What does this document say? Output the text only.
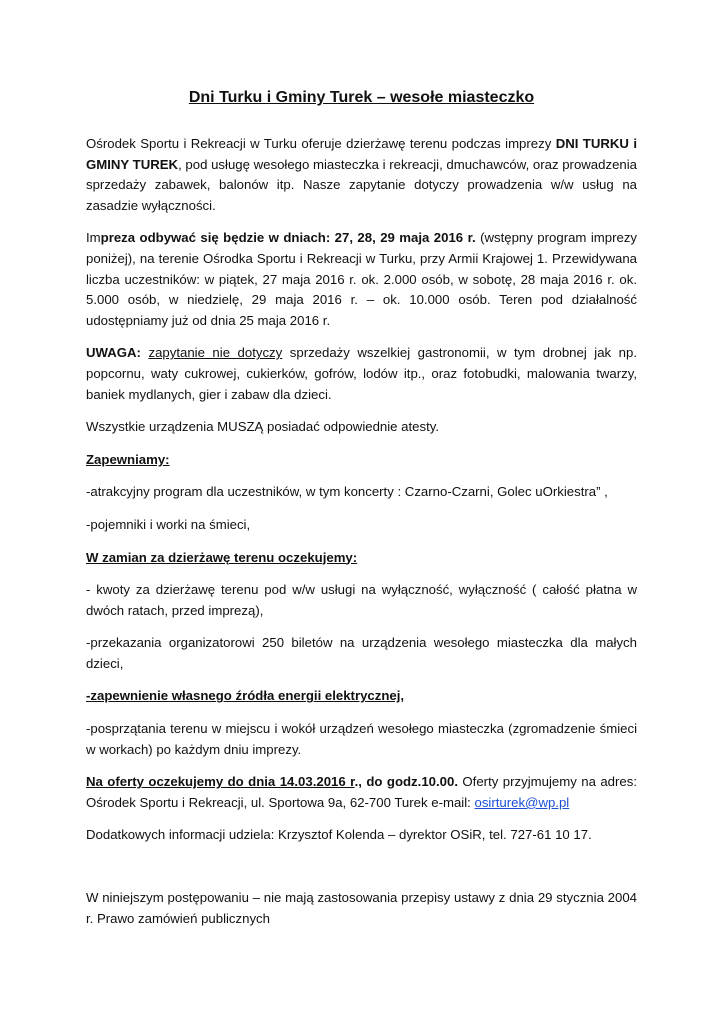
Dni Turku i Gminy Turek – wesołe miasteczko

Ośrodek Sportu i Rekreacji w Turku oferuje dzierżawę terenu podczas imprezy DNI TURKU i GMINY TUREK, pod usługę wesołego miasteczka i rekreacji, dmuchawców, oraz prowadzenia sprzedaży zabawek, balonów itp. Nasze zapytanie dotyczy prowadzenia w/w usług na zasadzie wyłączności.

Impreza odbywać się będzie w dniach: 27, 28, 29 maja 2016 r. (wstępny program imprezy poniżej), na terenie Ośrodka Sportu i Rekreacji w Turku, przy Armii Krajowej 1. Przewidywana liczba uczestników: w piątek, 27 maja 2016 r. ok. 2.000 osób, w sobotę, 28 maja 2016 r. ok. 5.000 osób, w niedzielę, 29 maja 2016 r. – ok. 10.000 osób. Teren pod działalność udostępniamy już od dnia 25 maja 2016 r.

UWAGA: zapytanie nie dotyczy sprzedaży wszelkiej gastronomii, w tym drobnej jak np. popcornu, waty cukrowej, cukierków, gofrów, lodów itp., oraz fotobudki, malowania twarzy, baniek mydlanych, gier i zabaw dla dzieci.

Wszystkie urządzenia MUSZĄ posiadać odpowiednie atesty.

Zapewniamy:

-atrakcyjny program dla uczestników, w tym koncerty : Czarno-Czarni, Golec uOrkiestra” ,

-pojemniki i worki na śmieci,

W zamian za dzierżawę terenu oczekujemy:

- kwoty za dzierżawę terenu pod w/w usługi na wyłączność, wyłączność ( całość płatna w dwóch ratach, przed imprezą),

-przekazania organizatorowi 250 biletów na urządzenia wesołego miasteczka dla małych dzieci,

-zapewnienie własnego źródła energii elektrycznej,

-posprzątania terenu w miejscu i wokół urządzeń wesołego miasteczka (zgromadzenie śmieci w workach) po każdym dniu imprezy.

Na oferty oczekujemy do dnia 14.03.2016 r., do godz.10.00. Oferty przyjmujemy na adres: Ośrodek Sportu i Rekreacji, ul. Sportowa 9a, 62-700 Turek e-mail: osirturek@wp.pl

Dodatkowych informacji udziela: Krzysztof Kolenda – dyrektor OSiR, tel. 727-61 10 17.

W niniejszym postępowaniu – nie mają zastosowania przepisy ustawy z dnia 29 stycznia 2004 r. Prawo zamówień publicznych
